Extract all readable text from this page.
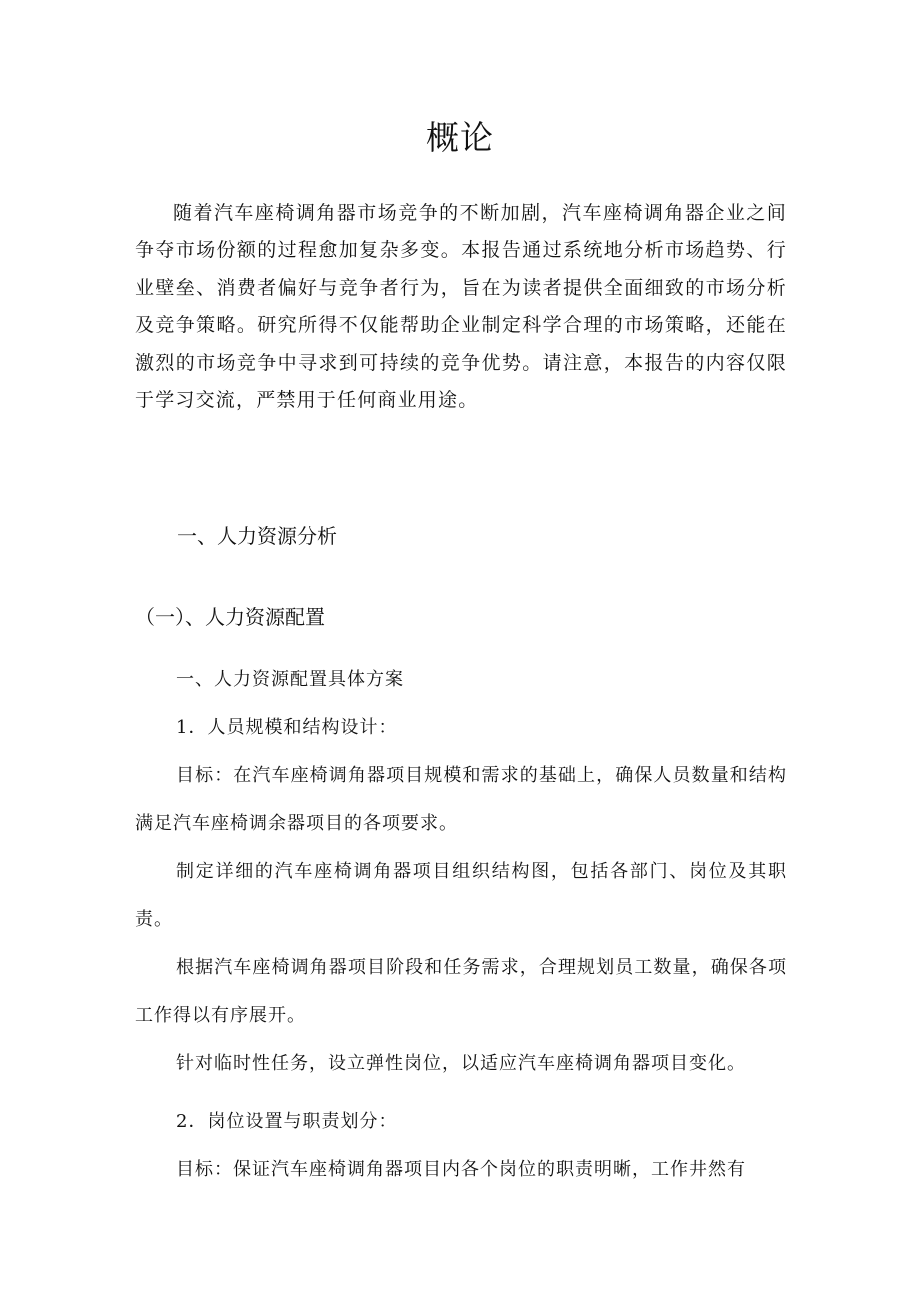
概论

随着汽车座椅调角器市场竞争的不断加剧，汽车座椅调角器企业之间争夺市场份额的过程愈加复杂多变。本报告通过系统地分析市场趋势、行业壁垒、消费者偏好与竞争者行为，旨在为读者提供全面细致的市场分析及竞争策略。研究所得不仅能帮助企业制定科学合理的市场策略，还能在激烈的市场竞争中寻求到可持续的竞争优势。请注意，本报告的内容仅限于学习交流，严禁用于任何商业用途。

一、人力资源分析
（一）、人力资源配置

一、人力资源配置具体方案

1．人员规模和结构设计：

目标：在汽车座椅调角器项目规模和需求的基础上，确保人员数量和结构满足汽车座椅调余器项目的各项要求。

制定详细的汽车座椅调角器项目组织结构图，包括各部门、岗位及其职责。

根据汽车座椅调角器项目阶段和任务需求，合理规划员工数量，确保各项工作得以有序展开。

针对临时性任务，设立弹性岗位，以适应汽车座椅调角器项目变化。

2．岗位设置与职责划分：

目标：保证汽车座椅调角器项目内各个岗位的职责明晰，工作井然有
